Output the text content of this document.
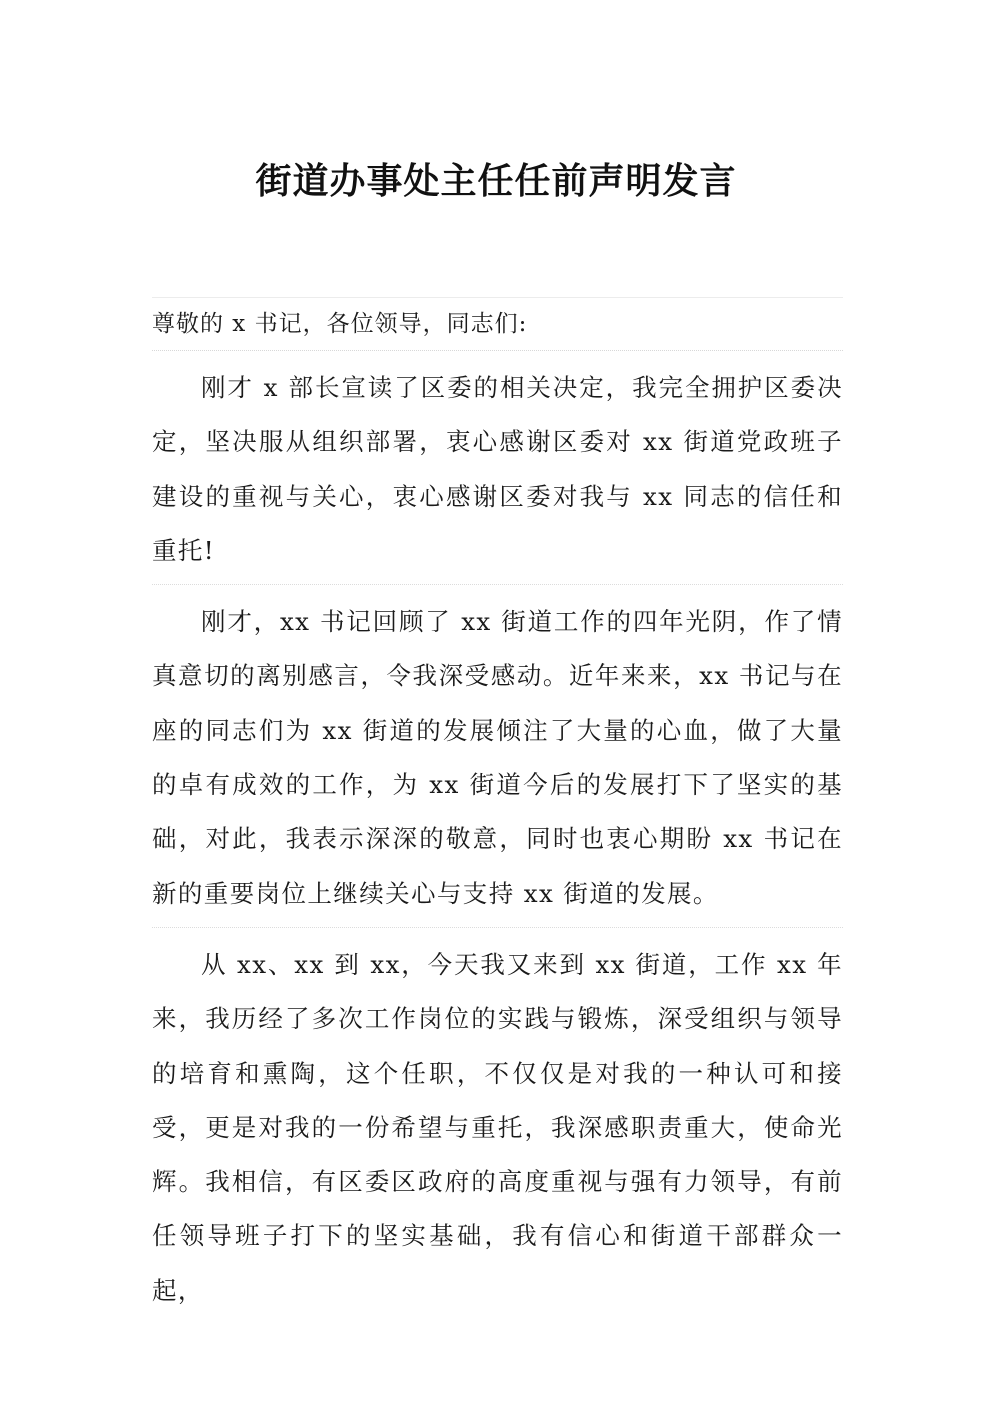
街道办事处主任任前声明发言
尊敬的 x 书记，各位领导，同志们:

刚才 x 部长宣读了区委的相关决定，我完全拥护区委决定，坚决服从组织部署，衷心感谢区委对 xx 街道党政班子建设的重视与关心，衷心感谢区委对我与 xx 同志的信任和重托!

刚才，xx 书记回顾了 xx 街道工作的四年光阴，作了情真意切的离别感言，令我深受感动。近年来来，xx 书记与在座的同志们为 xx 街道的发展倾注了大量的心血，做了大量的卓有成效的工作，为 xx 街道今后的发展打下了坚实的基础，对此，我表示深深的敬意，同时也衷心期盼 xx 书记在新的重要岗位上继续关心与支持 xx 街道的发展。

从 xx、xx 到 xx，今天我又来到 xx 街道，工作 xx 年来，我历经了多次工作岗位的实践与锻炼，深受组织与领导的培育和熏陶，这个任职，不仅仅是对我的一种认可和接受，更是对我的一份希望与重托，我深感职责重大，使命光辉。我相信，有区委区政府的高度重视与强有力领导，有前任领导班子打下的坚实基础，我有信心和街道干部群众一起，
